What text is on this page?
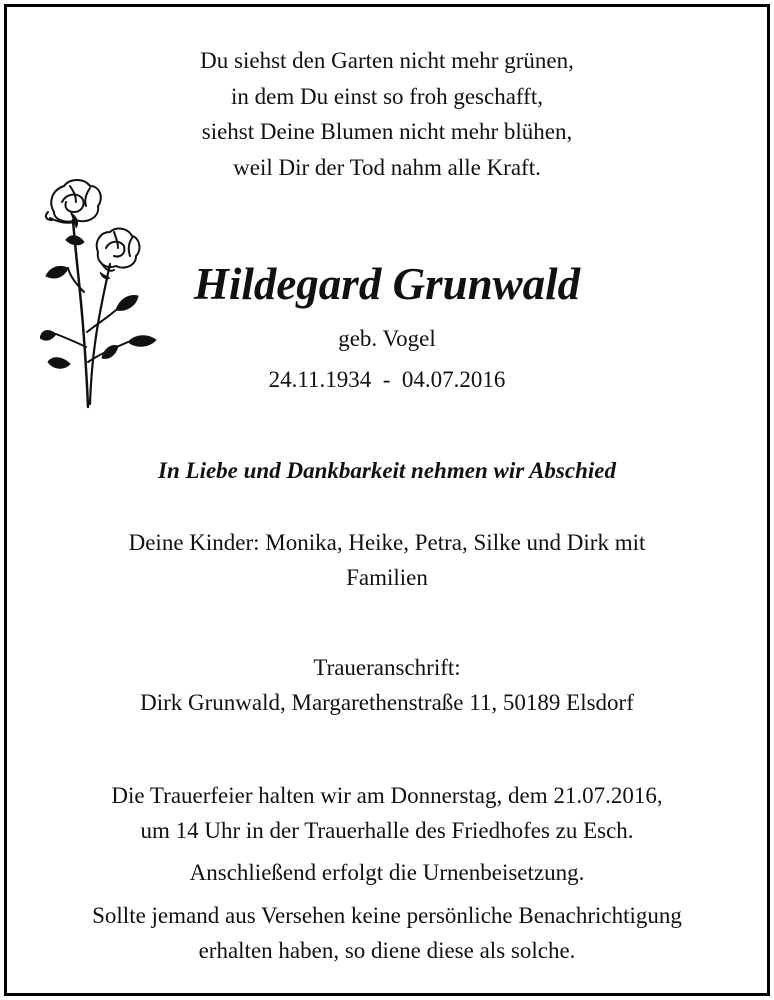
Du siehst den Garten nicht mehr grünen,
in dem Du einst so froh geschafft,
siehst Deine Blumen nicht mehr blühen,
weil Dir der Tod nahm alle Kraft.
Hildegard Grunwald
geb. Vogel
24.11.1934  -  04.07.2016
In Liebe und Dankbarkeit nehmen wir Abschied
Deine Kinder: Monika, Heike, Petra, Silke und Dirk mit
Familien
Traueranschrift:
Dirk Grunwald, Margarethenstraße 11, 50189 Elsdorf
Die Trauerfeier halten wir am Donnerstag, dem 21.07.2016,
um 14 Uhr in der Trauerhalle des Friedhofes zu Esch.
Anschließend erfolgt die Urnenbeisetzung.
Sollte jemand aus Versehen keine persönliche Benachrichtigung
erhalten haben, so diene diese als solche.
